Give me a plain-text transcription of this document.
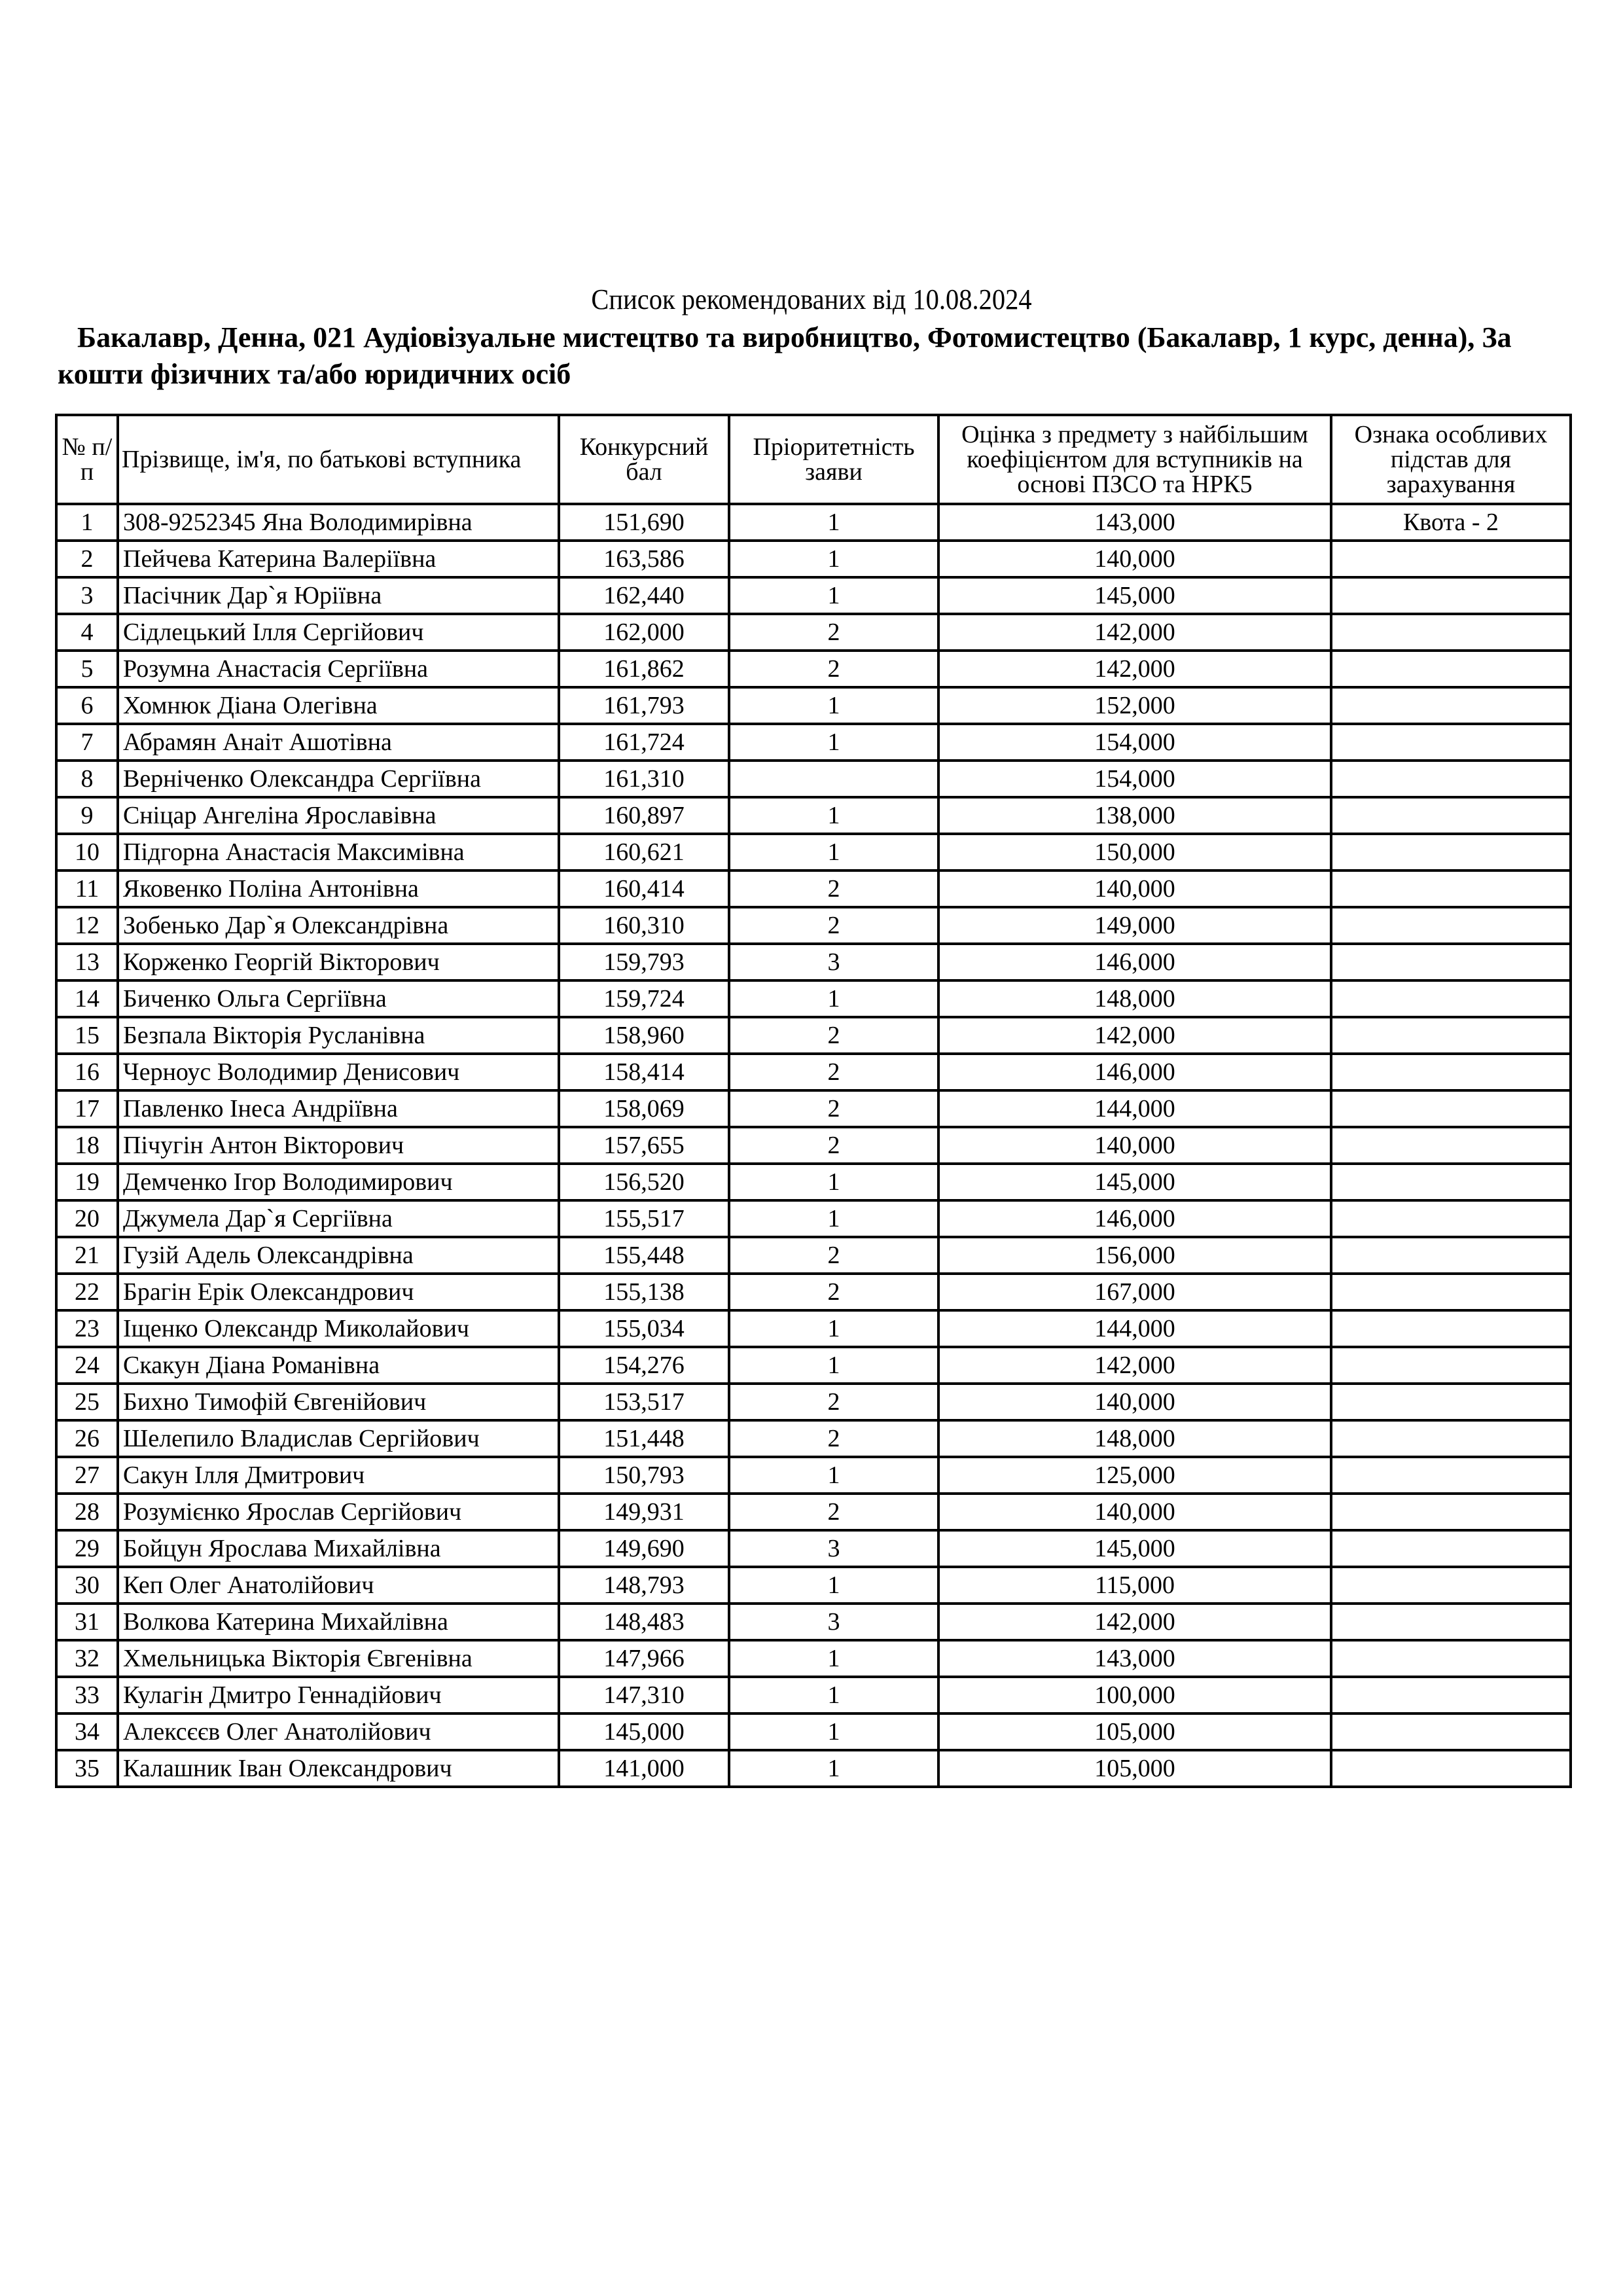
Список рекомендованих від 10.08.2024
Бакалавр, Денна, 021 Аудіовізуальне мистецтво та виробництво, Фотомистецтво (Бакалавр, 1 курс, денна), За кошти фізичних та/або юридичних осіб
№ п/п	Прізвище, ім'я, по батькові вступника	Конкурсний бал	Пріоритетність заяви	Оцінка з предмету з найбільшим коефіцієнтом для вступників на основі ПЗСО та НРК5	Ознака особливих підстав для зарахування
1	308-9252345 Яна Володимирівна	151,690	1	143,000	Квота - 2
2	Пейчева Катерина Валеріївна	163,586	1	140,000	
3	Пасічник Дар`я Юріївна	162,440	1	145,000	
4	Сідлецький Ілля Сергійович	162,000	2	142,000	
5	Розумна Анастасія Сергіївна	161,862	2	142,000	
6	Хомнюк Діана Олегівна	161,793	1	152,000	
7	Абрамян Анаіт Ашотівна	161,724	1	154,000	
8	Верніченко Олександра Сергіївна	161,310		154,000	
9	Сніцар Ангеліна Ярославівна	160,897	1	138,000	
10	Підгорна Анастасія Максимівна	160,621	1	150,000	
11	Яковенко Поліна Антонівна	160,414	2	140,000	
12	Зобенько Дар`я Олександрівна	160,310	2	149,000	
13	Корженко Георгій Вікторович	159,793	3	146,000	
14	Биченко Ольга Сергіївна	159,724	1	148,000	
15	Безпала Вікторія Русланівна	158,960	2	142,000	
16	Черноус Володимир Денисович	158,414	2	146,000	
17	Павленко Інеса Андріївна	158,069	2	144,000	
18	Пічугін Антон Вікторович	157,655	2	140,000	
19	Демченко Ігор Володимирович	156,520	1	145,000	
20	Джумела Дар`я Сергіївна	155,517	1	146,000	
21	Гузій Адель Олександрівна	155,448	2	156,000	
22	Брагін Ерік Олександрович	155,138	2	167,000	
23	Іщенко Олександр Миколайович	155,034	1	144,000	
24	Скакун Діана Романівна	154,276	1	142,000	
25	Бихно Тимофій Євгенійович	153,517	2	140,000	
26	Шелепило Владислав Сергійович	151,448	2	148,000	
27	Сакун Ілля Дмитрович	150,793	1	125,000	
28	Розумієнко Ярослав Сергійович	149,931	2	140,000	
29	Бойцун Ярослава Михайлівна	149,690	3	145,000	
30	Кеп Олег Анатолійович	148,793	1	115,000	
31	Волкова Катерина Михайлівна	148,483	3	142,000	
32	Хмельницька Вікторія Євгенівна	147,966	1	143,000	
33	Кулагін Дмитро Геннадійович	147,310	1	100,000	
34	Алексєєв Олег Анатолійович	145,000	1	105,000	
35	Калашник Іван Олександрович	141,000	1	105,000	
